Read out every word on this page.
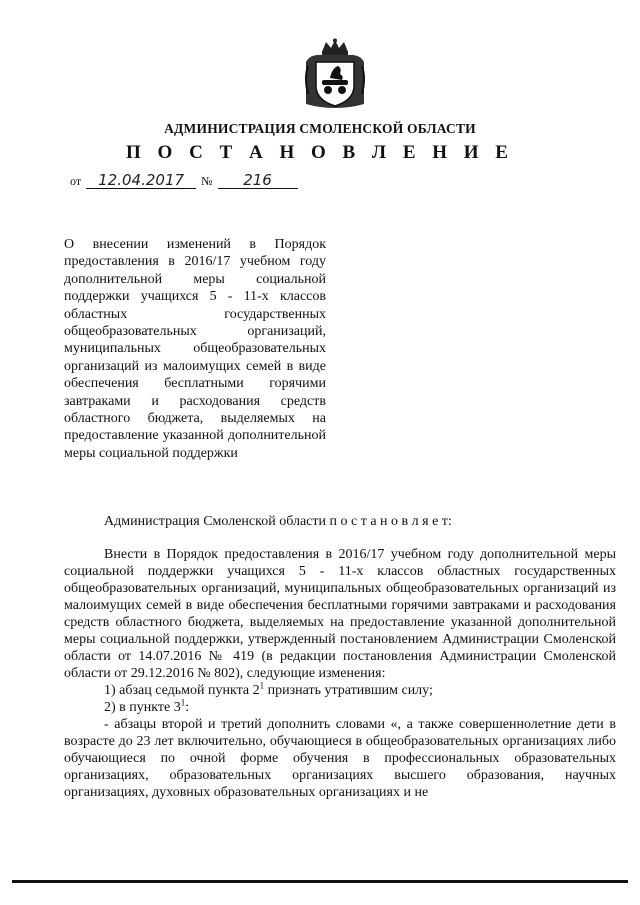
АДМИНИСТРАЦИЯ СМОЛЕНСКОЙ ОБЛАСТИ
П О С Т А Н О В Л Е Н И Е
от 12.04.2017 № 216
О внесении изменений в Порядок предоставления в 2016/17 учебном году дополнительной меры социальной поддержки учащихся 5 - 11-х классов областных государственных общеобразовательных организаций, муниципальных общеобразовательных организаций из малоимущих семей в виде обеспечения бесплатными горячими завтраками и расходования средств областного бюджета, выделяемых на предоставление указанной дополнительной меры социальной поддержки
Администрация Смоленской области п о с т а н о в л я е т:

Внести в Порядок предоставления в 2016/17 учебном году дополнительной меры социальной поддержки учащихся 5 - 11-х классов областных государственных общеобразовательных организаций, муниципальных общеобразовательных организаций из малоимущих семей в виде обеспечения бесплатными горячими завтраками и расходования средств областного бюджета, выделяемых на предоставление указанной дополнительной меры социальной поддержки, утвержденный постановлением Администрации Смоленской области от 14.07.2016 № 419 (в редакции постановления Администрации Смоленской области от 29.12.2016 № 802), следующие изменения:

1) абзац седьмой пункта $2^1$ признать утратившим силу;

2) в пункте $3^1$:

- абзацы второй и третий дополнить словами «, а также совершеннолетние дети в возрасте до 23 лет включительно, обучающиеся в общеобразовательных организациях либо обучающиеся по очной форме обучения в профессиональных образовательных организациях, образовательных организациях высшего образования, научных организациях, духовных образовательных организациях и не
